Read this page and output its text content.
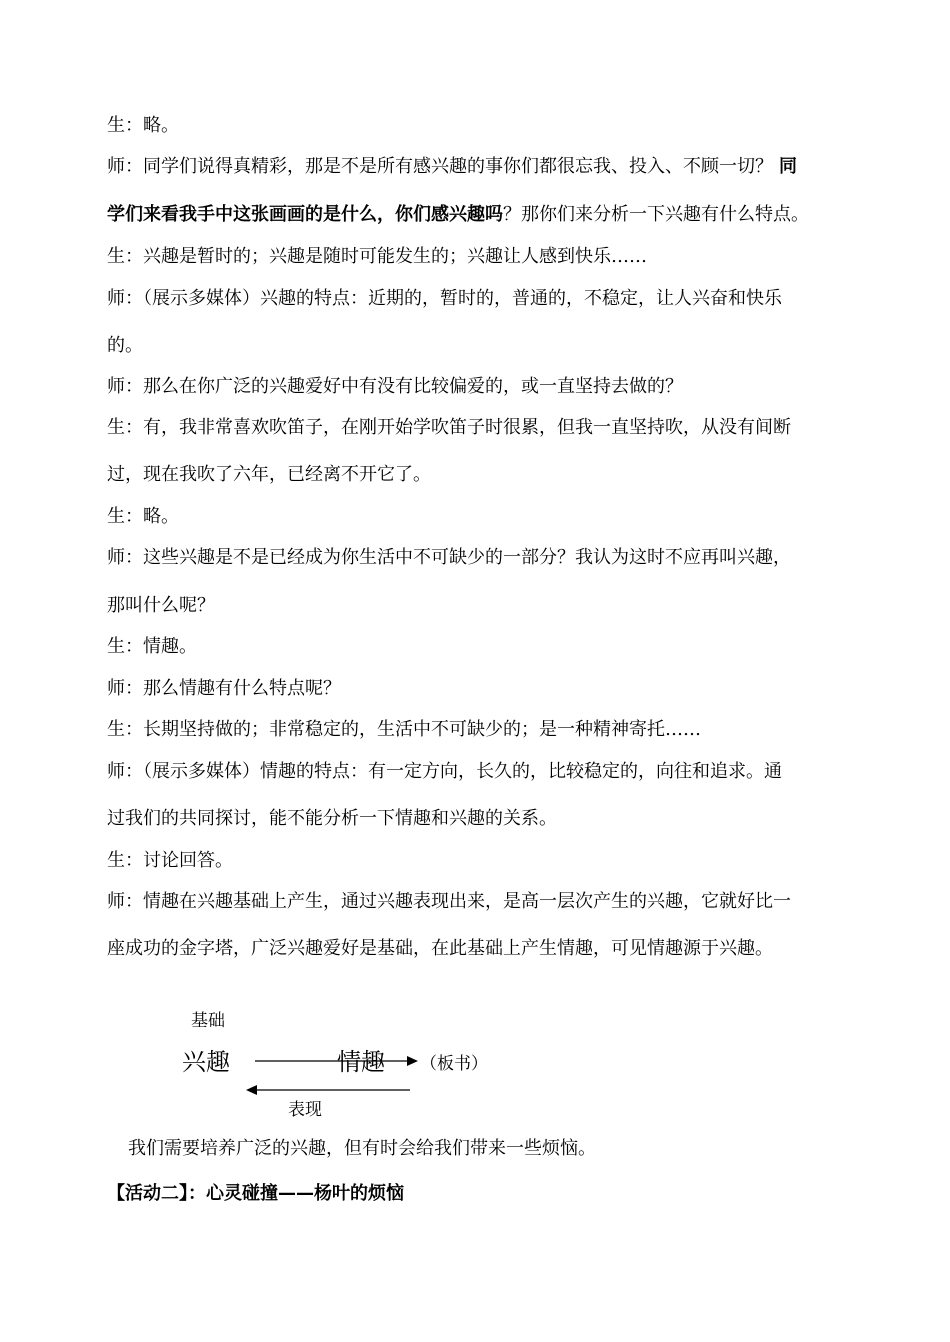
生：略。
师：同学们说得真精彩，那是不是所有感兴趣的事你们都很忘我、投入、不顾一切？ 同
学们来看我手中这张画画的是什么，你们感兴趣吗？那你们来分析一下兴趣有什么特点。
生：兴趣是暂时的；兴趣是随时可能发生的；兴趣让人感到快乐……
师：（展示多媒体）兴趣的特点：近期的，暂时的，普通的，不稳定，让人兴奋和快乐
的。
师：那么在你广泛的兴趣爱好中有没有比较偏爱的，或一直坚持去做的？
生：有，我非常喜欢吹笛子，在刚开始学吹笛子时很累，但我一直坚持吹，从没有间断
过，现在我吹了六年，已经离不开它了。
生：略。
师：这些兴趣是不是已经成为你生活中不可缺少的一部分？我认为这时不应再叫兴趣，
那叫什么呢？
生：情趣。
师：那么情趣有什么特点呢？
生：长期坚持做的；非常稳定的，生活中不可缺少的；是一种精神寄托……
师：（展示多媒体）情趣的特点：有一定方向，长久的，比较稳定的，向往和追求。通
过我们的共同探讨，能不能分析一下情趣和兴趣的关系。
生：讨论回答。
师：情趣在兴趣基础上产生，通过兴趣表现出来，是高一层次产生的兴趣，它就好比一
座成功的金字塔，广泛兴趣爱好是基础，在此基础上产生情趣，可见情趣源于兴趣。
基础
兴趣	情趣 （板书）
表现
我们需要培养广泛的兴趣，但有时会给我们带来一些烦恼。
【活动二】：心灵碰撞——杨叶的烦恼
